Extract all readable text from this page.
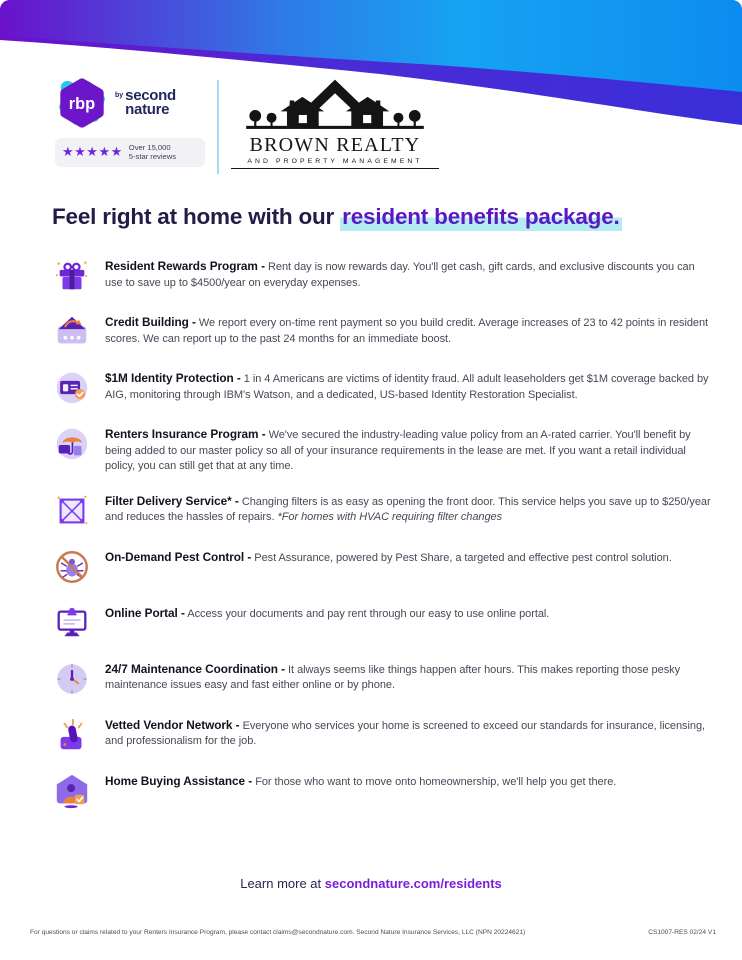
rbp	by second
nature
★★★★★ Over 15,000
5-star reviews
BROWN REALTY
AND PROPERTY MANAGEMENT
Feel right at home with our resident benefits package.

Resident Rewards Program - Rent day is now rewards day. You'll get cash, gift cards, and exclusive discounts you can use to save up to $4500/year on everyday expenses.

Credit Building - We report every on-time rent payment so you build credit. Average increases of 23 to 42 points in resident scores. We can report up to the past 24 months for an immediate boost.

$1M Identity Protection - 1 in 4 Americans are victims of identity fraud. All adult leaseholders get $1M coverage backed by AIG, monitoring through IBM's Watson, and a dedicated, US-based Identity Restoration Specialist.

Renters Insurance Program - We've secured the industry-leading value policy from an A-rated carrier. You'll benefit by being added to our master policy so all of your insurance requirements in the lease are met. If you want a retail individual policy, you can still get that at any time.

Filter Delivery Service* - Changing filters is as easy as opening the front door. This service helps you save up to $250/year and reduces the hassles of repairs. *For homes with HVAC requiring filter changes

On-Demand Pest Control - Pest Assurance, powered by Pest Share, a targeted and effective pest control solution.

Online Portal - Access your documents and pay rent through our easy to use online portal.

24/7 Maintenance Coordination - It always seems like things happen after hours. This makes reporting those pesky maintenance issues easy and fast either online or by phone.

Vetted Vendor Network - Everyone who services your home is screened to exceed our standards for insurance, licensing, and professionalism for the job.

Home Buying Assistance - For those who want to move onto homeownership, we'll help you get there.

Learn more at secondnature.com/residents
For questions or claims related to your Renters Insurance Program, please contact claims@secondnature.com. Second Nature Insurance Services, LLC (NPN 20224621)	CS1007-RES 02/24 V1
